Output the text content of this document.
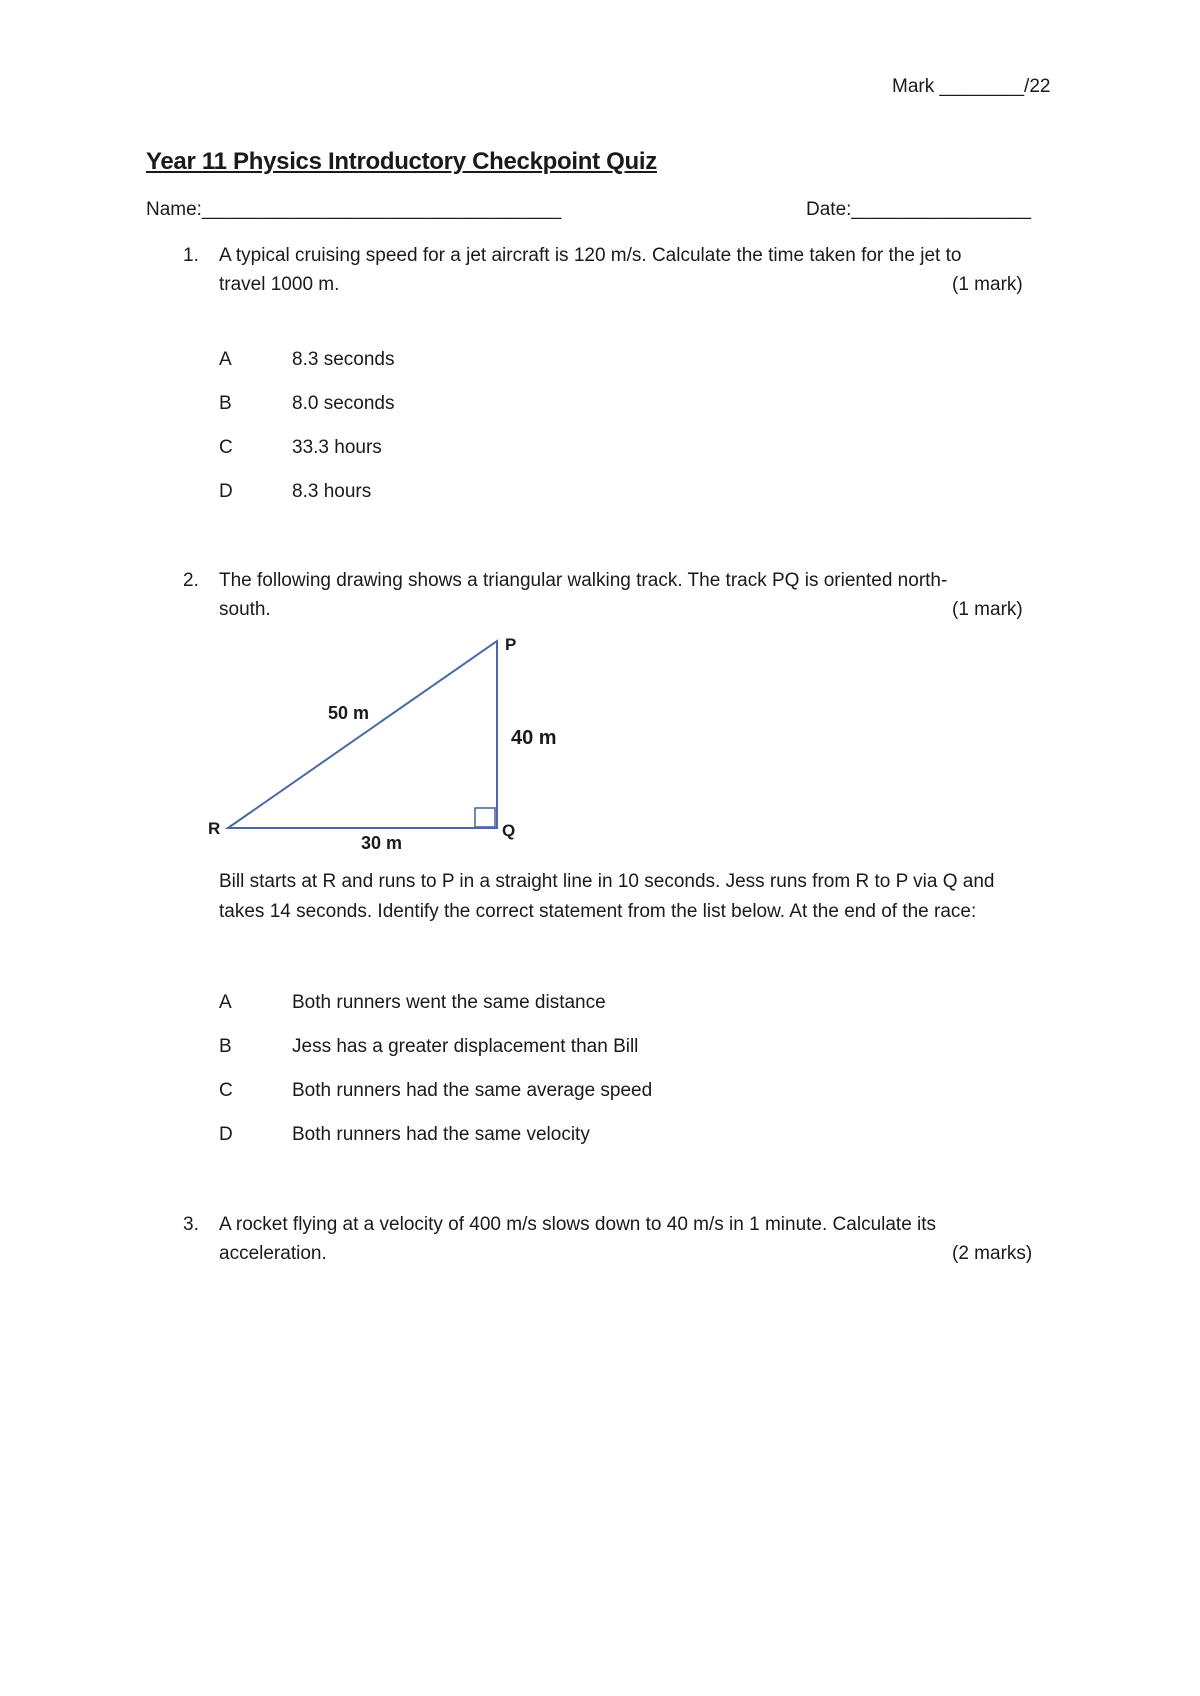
Mark ________/22
Year 11 Physics Introductory Checkpoint Quiz
Name:__________________________________	Date:_________________
1. A typical cruising speed for a jet aircraft is 120 m/s. Calculate the time taken for the jet to
travel 1000 m.	(1 mark)
A	8.3 seconds
B	8.0 seconds
C	33.3 hours
D	8.3 hours
2. The following drawing shows a triangular walking track. The track PQ is oriented north-
south.	(1 mark)
P
Q
R
50 m
40 m
30 m
Bill starts at R and runs to P in a straight line in 10 seconds. Jess runs from R to P via Q and
takes 14 seconds. Identify the correct statement from the list below. At the end of the race:
A	Both runners went the same distance
B	Jess has a greater displacement than Bill
C	Both runners had the same average speed
D	Both runners had the same velocity
3. A rocket flying at a velocity of 400 m/s slows down to 40 m/s in 1 minute. Calculate its
acceleration.	(2 marks)
